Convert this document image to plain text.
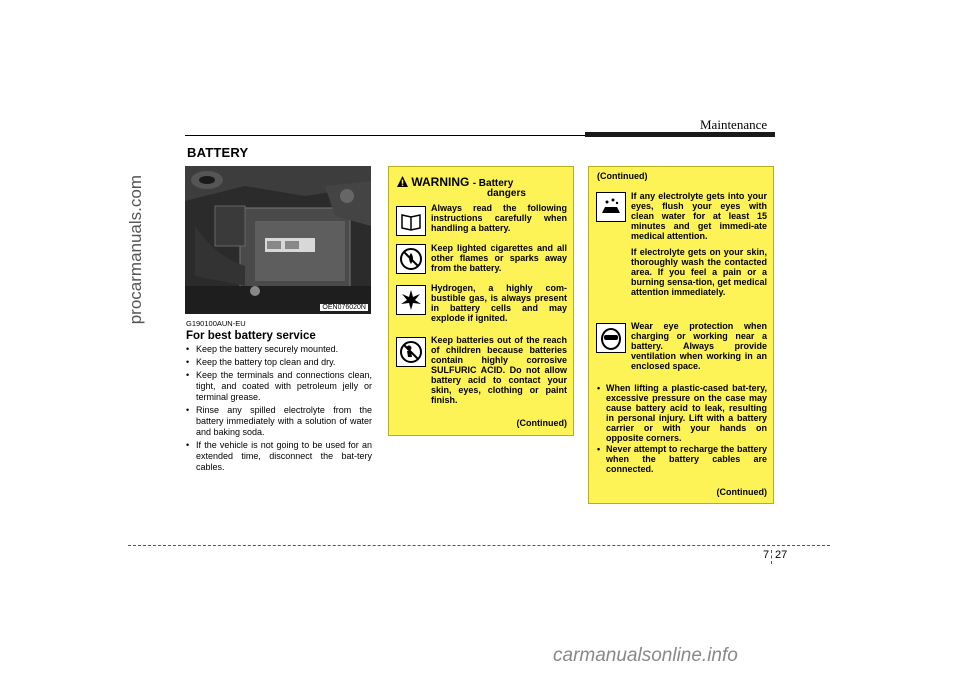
Maintenance
BATTERY
procarmanuals.com	OEN076020N
G190100AUN-EU
For best battery service
• Keep the battery securely mounted.
• Keep the battery top clean and dry.
• Keep the terminals and connections clean, tight, and coated with petroleum jelly or terminal grease.
• Rinse any spilled electrolyte from the battery immediately with a solution of water and baking soda.
• If the vehicle is not going to be used for an extended time, disconnect the bat-tery cables.
WARNING - Battery
dangers
Always read the following instructions carefully when handling a battery.
Keep lighted cigarettes and all other flames or sparks away from the battery.
Hydrogen, a highly com-bustible gas, is always present in battery cells and may explode if ignited.
Keep batteries out of the reach of children because batteries contain highly corrosive SULFURIC ACID. Do not allow battery acid to contact your skin, eyes, clothing or paint finish.
(Continued)
(Continued)
If any electrolyte gets into your eyes, flush your eyes with clean water for at least 15 minutes and get immedi-ate medical attention.
If electrolyte gets on your skin, thoroughly wash the contacted area. If you feel a pain or a burning sensa-tion, get medical attention immediately.
Wear eye protection when charging or working near a battery. Always provide ventilation when working in an enclosed space.
• When lifting a plastic-cased bat-tery, excessive pressure on the case may cause battery acid to leak, resulting in personal injury. Lift with a battery carrier or with your hands on opposite corners.
• Never attempt to recharge the battery when the battery cables are connected.
(Continued)
7 27
carmanualsonline.info
